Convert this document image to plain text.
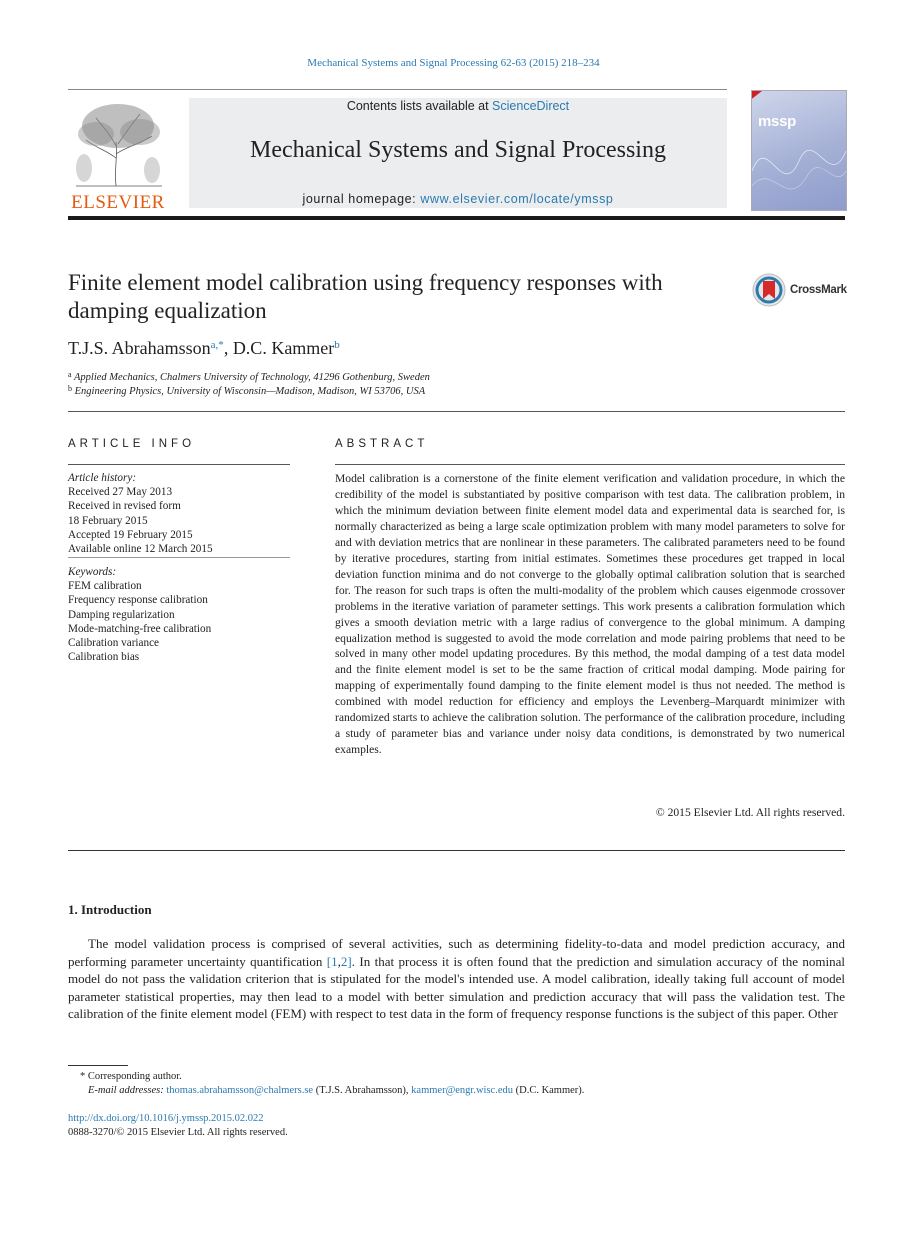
Mechanical Systems and Signal Processing 62-63 (2015) 218–234
ELSEVIER
Contents lists available at ScienceDirect
Mechanical Systems and Signal Processing
journal homepage: www.elsevier.com/locate/ymssp
mssp
Finite element model calibration using frequency responses with damping equalization
CrossMark
T.J.S. Abrahamsson$^{a,*}$, D.C. Kammer$^b$
$^a$ Applied Mechanics, Chalmers University of Technology, 41296 Gothenburg, Sweden
$^b$ Engineering Physics, University of Wisconsin—Madison, Madison, WI 53706, USA
ARTICLE INFO
Article history:
Received 27 May 2013
Received in revised form
18 February 2015
Accepted 19 February 2015
Available online 12 March 2015
Keywords:
FEM calibration
Frequency response calibration
Damping regularization
Mode-matching-free calibration
Calibration variance
Calibration bias
ABSTRACT
Model calibration is a cornerstone of the finite element verification and validation procedure, in which the credibility of the model is substantiated by positive comparison with test data. The calibration problem, in which the minimum deviation between finite element model data and experimental data is searched for, is normally characterized as being a large scale optimization problem with many model parameters to solve for and with deviation metrics that are nonlinear in these parameters. The calibrated parameters need to be found by iterative procedures, starting from initial estimates. Sometimes these procedures get trapped in local deviation function minima and do not converge to the globally optimal calibration solution that is searched for. The reason for such traps is often the multi-modality of the problem which causes eigenmode crossover problems in the iterative variation of parameter settings. This work presents a calibration formulation which gives a smooth deviation metric with a large radius of convergence to the global minimum. A damping equalization method is suggested to avoid the mode correlation and mode pairing problems that need to be solved in many other model updating procedures. By this method, the modal damping of a test data model and the finite element model is set to be the same fraction of critical modal damping. Mode pairing for mapping of experimentally found damping to the finite element model is thus not needed. The method is combined with model reduction for efficiency and employs the Levenberg–Marquardt minimizer with randomized starts to achieve the calibration solution. The performance of the calibration procedure, including a study of parameter bias and variance under noisy data conditions, is demonstrated by two numerical examples.
© 2015 Elsevier Ltd. All rights reserved.
1. Introduction
The model validation process is comprised of several activities, such as determining fidelity-to-data and model prediction accuracy, and performing parameter uncertainty quantification [1,2]. In that process it is often found that the prediction and simulation accuracy of the nominal model do not pass the validation criterion that is stipulated for the model's intended use. A model calibration, ideally taking full account of model parameter statistical properties, may then lead to a model with better simulation and prediction accuracy that will pass the validation test. The calibration of the finite element model (FEM) with respect to test data in the form of frequency response functions is the subject of this paper. Other
* Corresponding author.
E-mail addresses: thomas.abrahamsson@chalmers.se (T.J.S. Abrahamsson), kammer@engr.wisc.edu (D.C. Kammer).
http://dx.doi.org/10.1016/j.ymssp.2015.02.022
0888-3270/© 2015 Elsevier Ltd. All rights reserved.
